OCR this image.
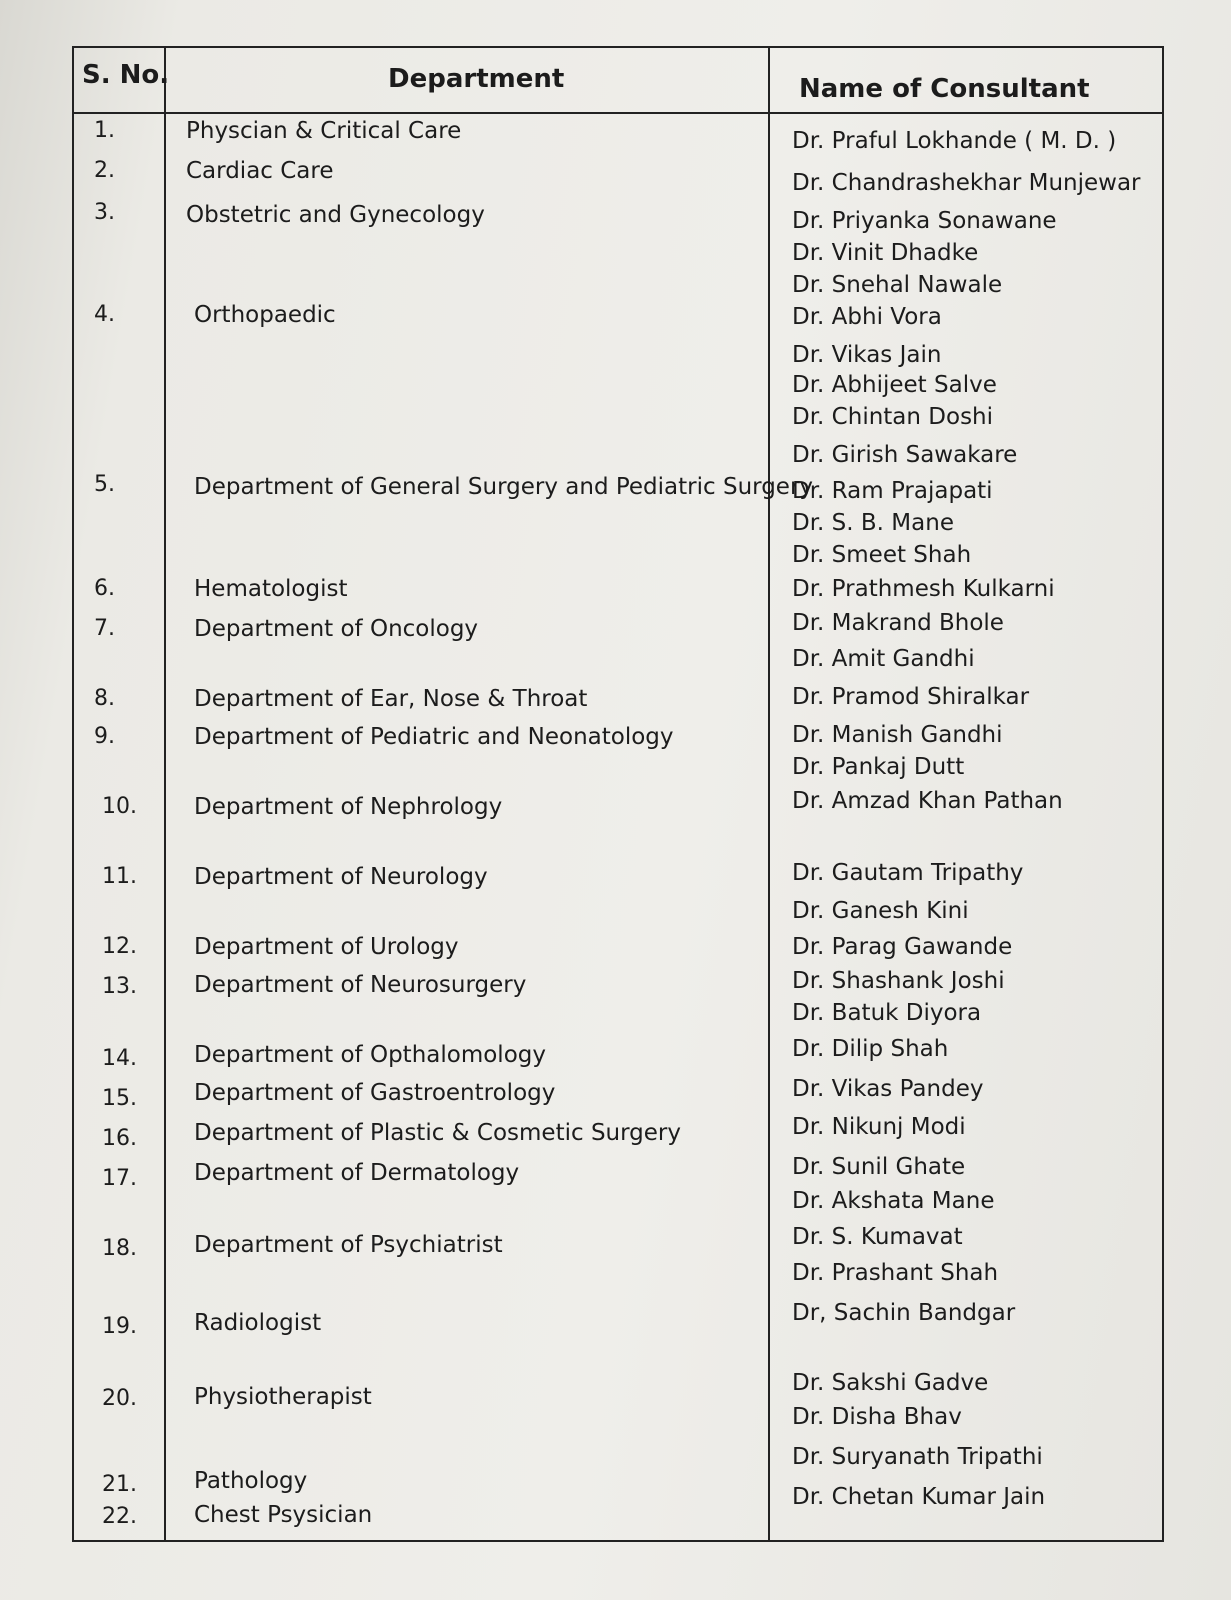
S. No.	Department	Name of Consultant
1.
2.
3.
4.
5.
6.
7.
8.
9.
10.
11.
12.
13.
14.
15.
16.
17.
18.
19.
20.
21.
22.
Physcian & Critical Care
Cardiac Care
Obstetric and Gynecology
Orthopaedic
Department of General Surgery and Pediatric Surgery
Hematologist
Department of Oncology
Department of Ear, Nose & Throat
Department of Pediatric and Neonatology
Department of Nephrology
Department of Neurology
Department of Urology
Department of Neurosurgery
Department of Opthalomology
Department of Gastroentrology
Department of Plastic & Cosmetic Surgery
Department of Dermatology
Department of Psychiatrist
Radiologist
Physiotherapist
Pathology
Chest Psysician
Dr. Praful Lokhande ( M. D. )
Dr. Chandrashekhar Munjewar
Dr. Priyanka Sonawane
Dr. Vinit Dhadke
Dr. Snehal Nawale
Dr. Abhi Vora
Dr. Vikas Jain
Dr. Abhijeet Salve
Dr. Chintan Doshi
Dr. Girish Sawakare
Dr. Ram Prajapati
Dr. S. B. Mane
Dr. Smeet Shah
Dr. Prathmesh Kulkarni
Dr. Makrand Bhole
Dr. Amit Gandhi
Dr. Pramod Shiralkar
Dr. Manish Gandhi
Dr. Pankaj Dutt
Dr. Amzad Khan Pathan
Dr. Gautam Tripathy
Dr. Ganesh Kini
Dr. Parag Gawande
Dr. Shashank Joshi
Dr. Batuk Diyora
Dr. Dilip Shah
Dr. Vikas Pandey
Dr. Nikunj Modi
Dr. Sunil Ghate
Dr. Akshata Mane
Dr. S. Kumavat
Dr. Prashant Shah
Dr, Sachin Bandgar
Dr. Sakshi Gadve
Dr. Disha Bhav
Dr. Suryanath Tripathi
Dr. Chetan Kumar Jain
